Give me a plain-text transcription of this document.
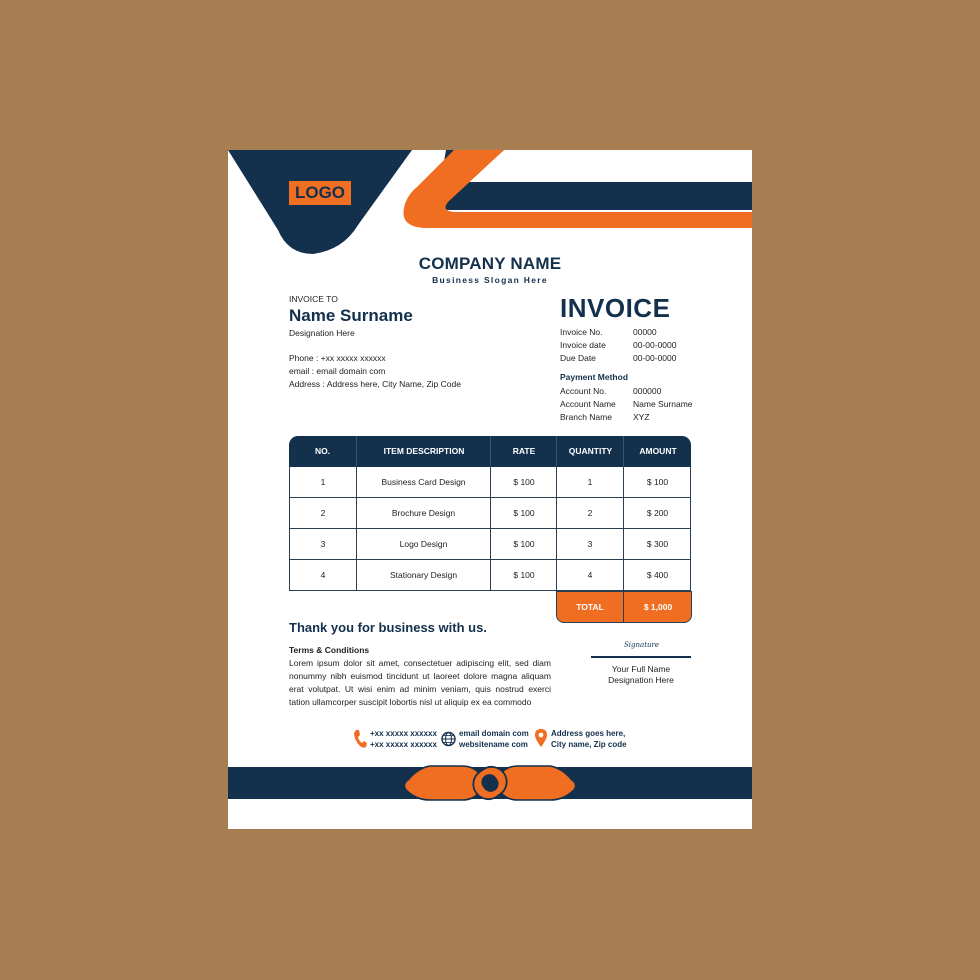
LOGO
COMPANY NAME
Business Slogan Here
INVOICE TO
Name Surname
Designation Here
Phone : +xx xxxxx xxxxxx
email : email domain com
Address : Address here, City Name, Zip Code
INVOICE
Invoice No.	00000
Invoice date	00-00-0000
Due Date	00-00-0000
Payment Method
Account No.	000000
Account Name	Name Surname
Branch Name	XYZ
NO.	ITEM DESCRIPTION	RATE	QUANTITY	AMOUNT
1	Business Card Design	$ 100	1	$ 100
2	Brochure Design	$ 100	2	$ 200
3	Logo Design	$ 100	3	$ 300
4	Stationary Design	$ 100	4	$ 400
TOTAL	$ 1,000
Thank you for business with us.
Terms & Conditions
Lorem ipsum dolor sit amet, consectetuer adipiscing elit, sed diam nonummy nibh euismod tincidunt ut laoreet dolore magna aliquam erat volutpat. Ut wisi enim ad minim veniam, quis nostrud exerci tation ullamcorper suscipit lobortis nisl ut aliquip ex ea commodo
Signature
Your Full Name
Designation Here
+xx xxxxx xxxxxx
+xx xxxxx xxxxxx
email domain com
websitename com
Address goes here,
City name, Zip code
